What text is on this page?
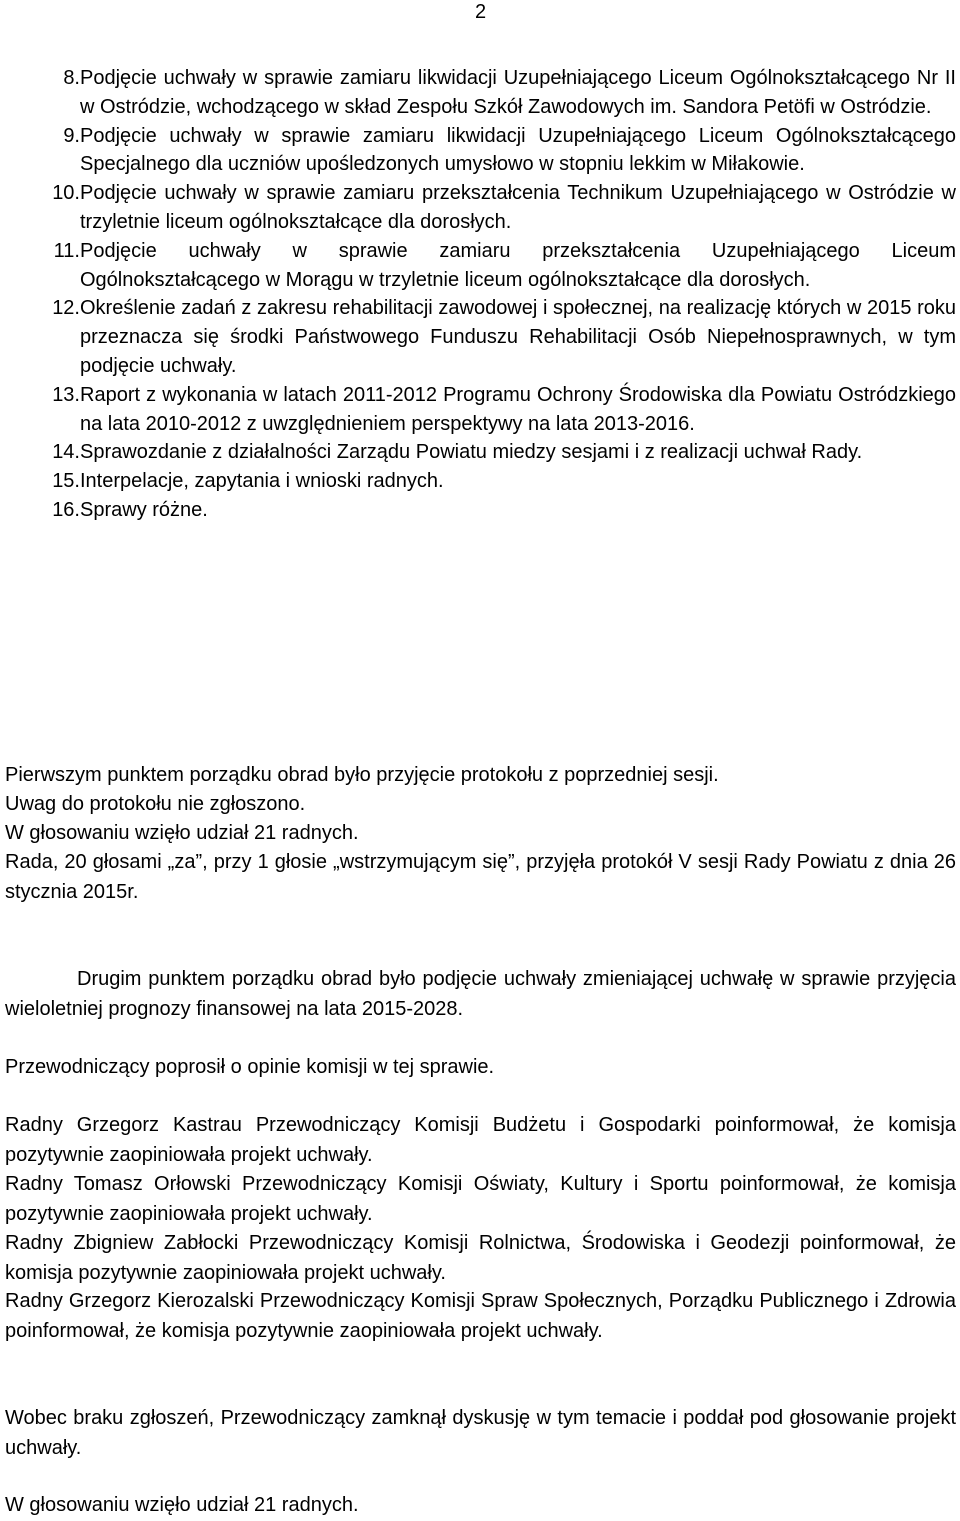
2
8. Podjęcie uchwały w sprawie zamiaru likwidacji Uzupełniającego Liceum Ogólnokształcącego Nr II w Ostródzie, wchodzącego w skład Zespołu Szkół Zawodowych im. Sandora Petöfi w Ostródzie.
9. Podjęcie uchwały w sprawie zamiaru likwidacji Uzupełniającego Liceum Ogólnokształcącego Specjalnego dla uczniów upośledzonych umysłowo w stopniu lekkim w Miłakowie.
10. Podjęcie uchwały w sprawie zamiaru przekształcenia Technikum Uzupełniającego w Ostródzie w trzyletnie liceum ogólnokształcące dla dorosłych.
11. Podjęcie uchwały w sprawie zamiaru przekształcenia Uzupełniającego Liceum Ogólnokształcącego w Morągu w trzyletnie liceum ogólnokształcące dla dorosłych.
12. Określenie zadań z zakresu rehabilitacji zawodowej i społecznej, na realizację których w 2015 roku przeznacza się środki Państwowego Funduszu Rehabilitacji Osób Niepełnosprawnych, w tym podjęcie uchwały.
13. Raport z wykonania w latach 2011-2012 Programu Ochrony Środowiska dla Powiatu Ostródzkiego na lata 2010-2012 z uwzględnieniem perspektywy na lata 2013-2016.
14. Sprawozdanie z działalności Zarządu Powiatu miedzy sesjami i z realizacji uchwał Rady.
15. Interpelacje, zapytania i wnioski radnych.
16. Sprawy różne.

Pierwszym punktem porządku obrad było przyjęcie protokołu z poprzedniej sesji.

Uwag do protokołu nie zgłoszono.

W głosowaniu wzięło udział 21 radnych.

Rada, 20 głosami „za”, przy 1 głosie „wstrzymującym się”, przyjęła protokół V sesji Rady Powiatu z dnia 26 stycznia 2015r.

Drugim punktem porządku obrad było podjęcie uchwały zmieniającej uchwałę w sprawie przyjęcia wieloletniej prognozy finansowej na lata 2015-2028.

Przewodniczący poprosił o opinie komisji w tej sprawie.

Radny Grzegorz Kastrau Przewodniczący Komisji Budżetu i Gospodarki poinformował, że komisja pozytywnie zaopiniowała projekt uchwały.

Radny Tomasz Orłowski Przewodniczący Komisji Oświaty, Kultury i Sportu poinformował, że komisja pozytywnie zaopiniowała projekt uchwały.

Radny Zbigniew Zabłocki Przewodniczący Komisji Rolnictwa, Środowiska i Geodezji poinformował, że komisja pozytywnie zaopiniowała projekt uchwały.

Radny Grzegorz Kierozalski Przewodniczący Komisji Spraw Społecznych, Porządku Publicznego i Zdrowia poinformował, że komisja pozytywnie zaopiniowała projekt uchwały.

Wobec braku zgłoszeń, Przewodniczący zamknął dyskusję w tym temacie i poddał pod głosowanie projekt uchwały.

W głosowaniu wzięło udział 21 radnych.
